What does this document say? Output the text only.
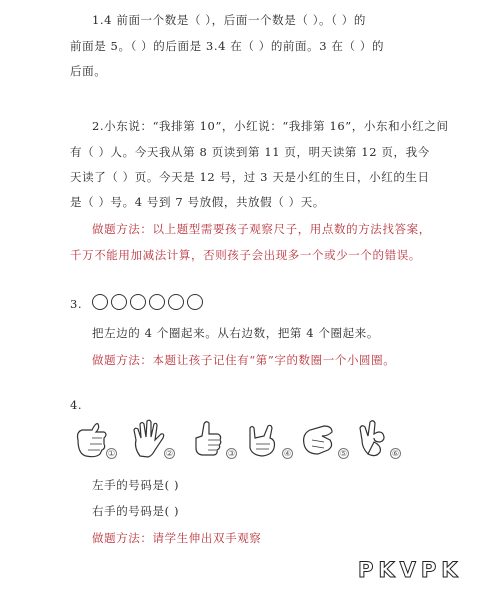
1.4 前面一个数是（ ），后面一个数是（ ）。（ ）的
前面是 5。（ ）的后面是 3.4 在（ ）的前面。3 在（ ）的
后面。
2.小东说：“我排第 10”，小红说：“我排第 16”，小东和小红之间
有（ ）人。今天我从第 8 页读到第 11 页，明天读第 12 页，我今
天读了（ ）页。今天是 12 号，过 3 天是小红的生日，小红的生日
是（ ）号。4 号到 7 号放假，共放假（ ）天。
做题方法：以上题型需要孩子观察尺子，用点数的方法找答案，
千万不能用加减法计算，否则孩子会出现多一个或少一个的错误。
3.
把左边的 4 个圈起来。从右边数，把第 4 个圈起来。
做题方法：本题让孩子记住有“第”字的数圈一个小圆圈。
4.
①	②	③	④	⑤	⑥
左手的号码是( )
右手的号码是( )
做题方法：请学生伸出双手观察
PKVPK
